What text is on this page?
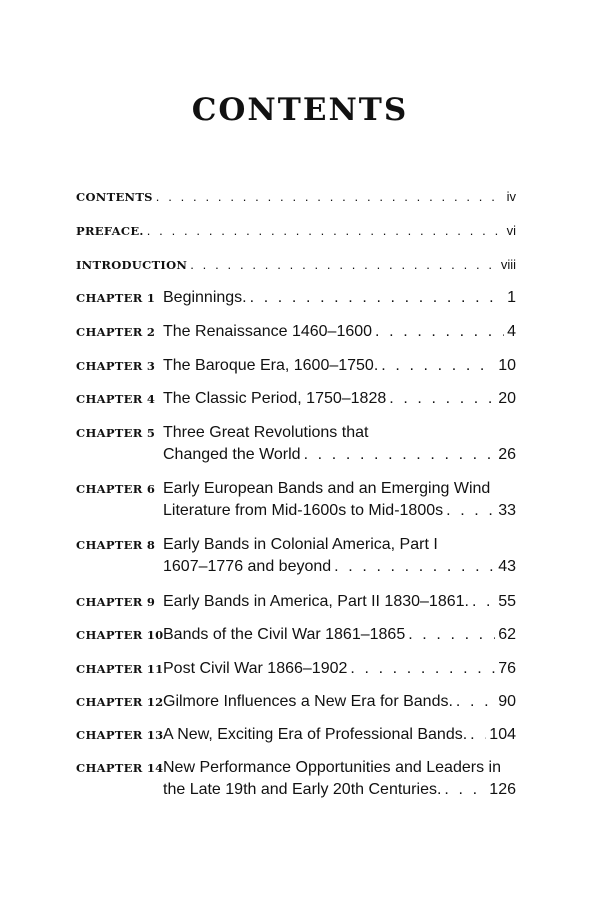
CONTENTS
CONTENTS . . .	iv
PREFACE. . . .	vi
INTRODUCTION . . .	viii
CHAPTER 1 Beginnings. . . .	1
CHAPTER 2 The Renaissance 1460–1600 . . .	4
CHAPTER 3 The Baroque Era, 1600–1750. . . .	10
CHAPTER 4 The Classic Period, 1750–1828 . . .	20
CHAPTER 5 Three Great Revolutions that
Changed the World . . .	26
CHAPTER 6 Early European Bands and an Emerging Wind
Literature from Mid-1600s to Mid-1800s . . .	33
CHAPTER 8 Early Bands in Colonial America, Part I
1607–1776 and beyond . . .	43
CHAPTER 9 Early Bands in America, Part II 1830–1861. . . . 55
CHAPTER 10 Bands of the Civil War 1861–1865 . . .	62
CHAPTER 11 Post Civil War 1866–1902 . . .	76
CHAPTER 12 Gilmore Influences a New Era for Bands. . . .	90
CHAPTER 13 A New, Exciting Era of Professional Bands. . . . 104
CHAPTER 14 New Performance Opportunities and Leaders in
the Late 19th and Early 20th Centuries. . . .	126
